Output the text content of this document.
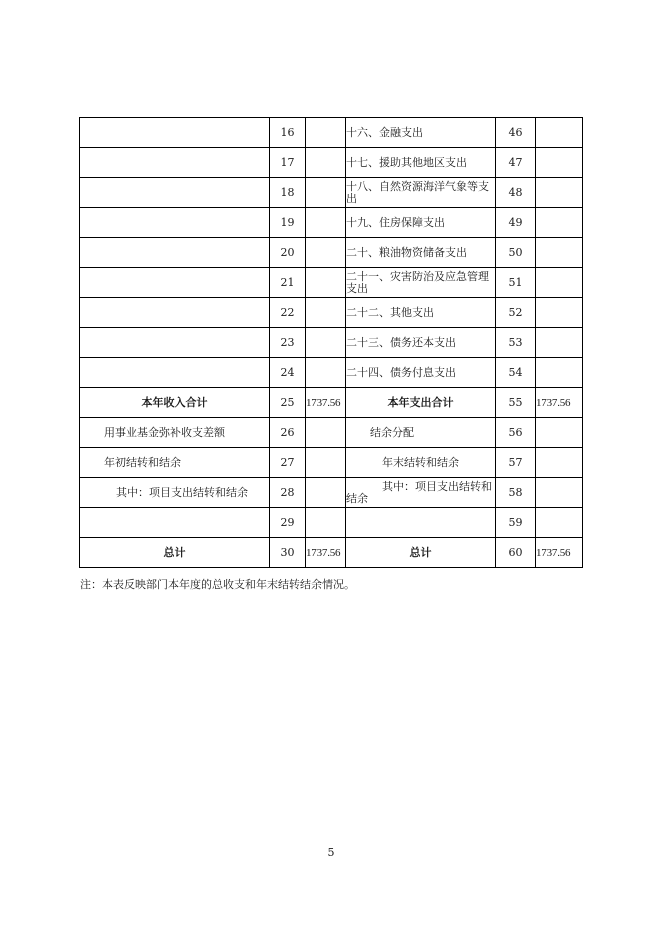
	16		十六、金融支出	46	
	17		十七、援助其他地区支出	47	
	18		十八、自然资源海洋气象等支出	48	
	19		十九、住房保障支出	49	
	20		二十、粮油物资储备支出	50	
	21		二十一、灾害防治及应急管理支出	51	
	22		二十二、其他支出	52	
	23		二十三、债务还本支出	53	
	24		二十四、债务付息支出	54	
本年收入合计	25	1737.56	本年支出合计	55	1737.56
用事业基金弥补收支差额	26		结余分配	56	
年初结转和结余	27		年末结转和结余	57	
其中：项目支出结转和结余	28		其中：项目支出结转和结余	58	
	29			59	
总计	30	1737.56	总计	60	1737.56
注：本表反映部门本年度的总收支和年末结转结余情况。
5
